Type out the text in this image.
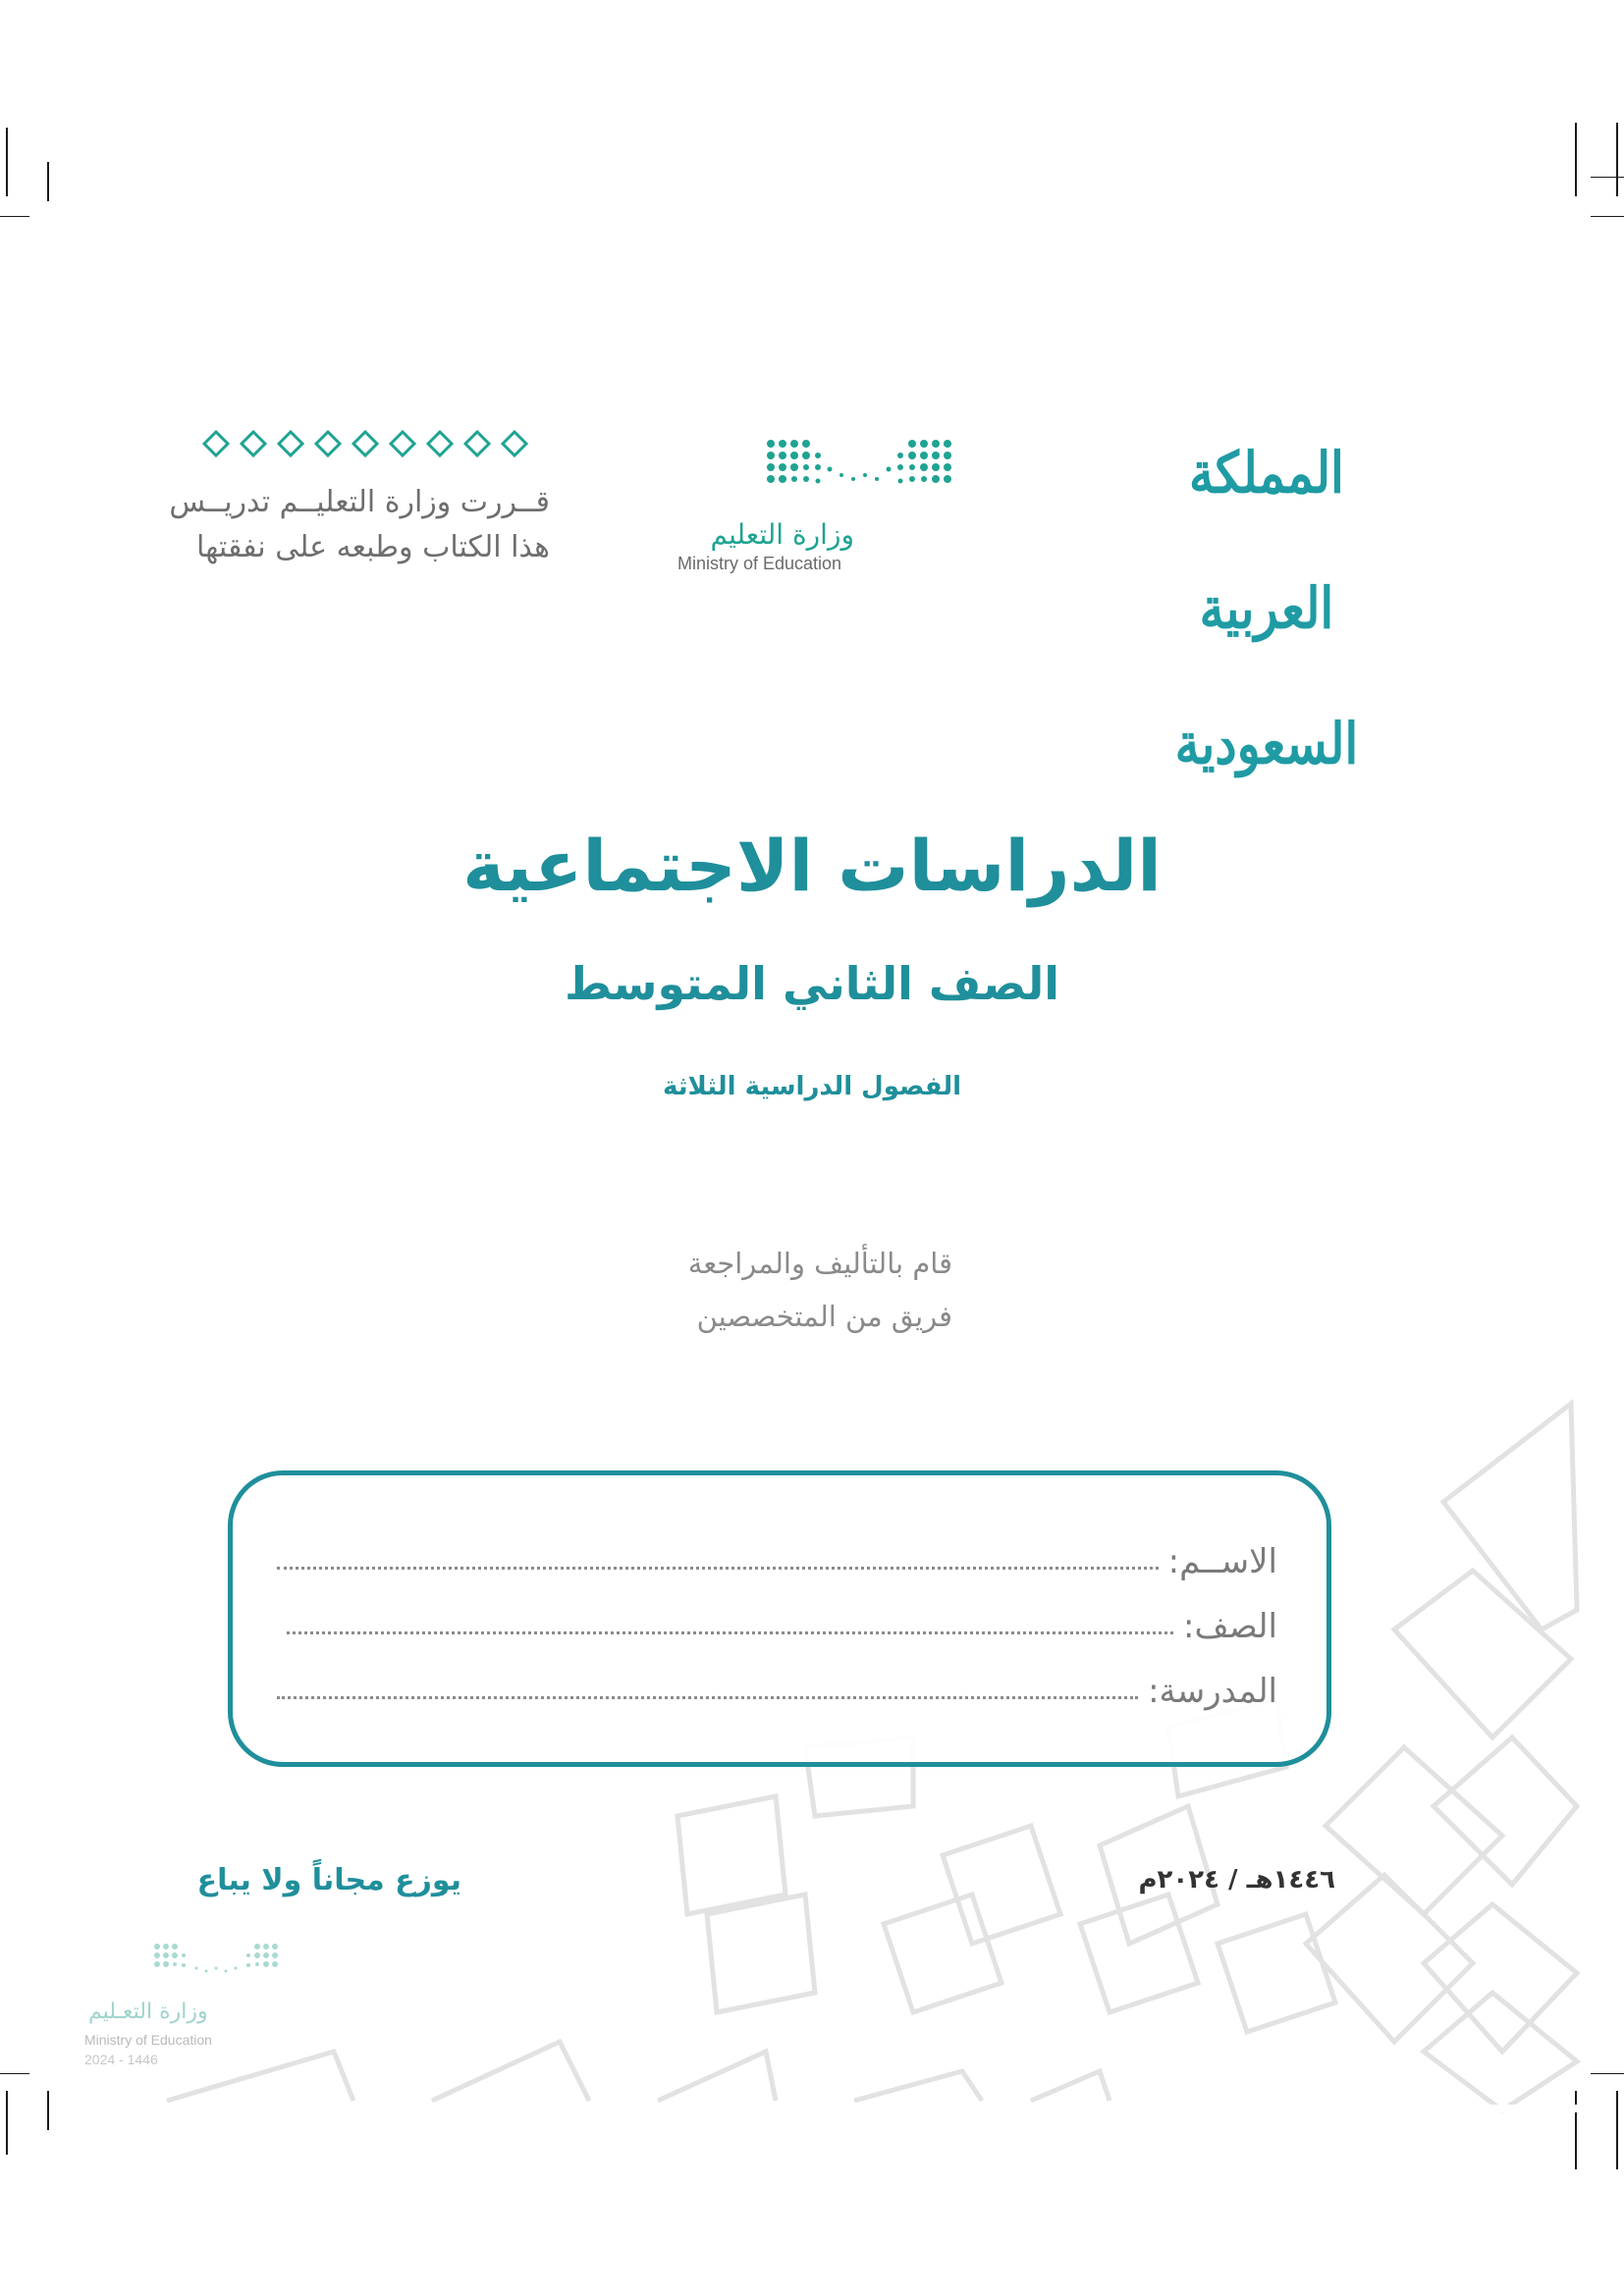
المملكة العربية السعودية
وزارة التعليم
Ministry of Education
قــررت وزارة التعليــم تدريــس
هذا الكتاب وطبعه على نفقتها
الدراسات الاجتماعية
الصف الثاني المتوسط
الفصول الدراسية الثلاثة
قام بالتأليف والمراجعة
فريق من المتخصصين
الاســم:
الصف:
المدرسة:
١٤٤٦هـ / ٢٠٢٤م
يوزع مجاناً ولا يباع
وزارة التعـليم
Ministry of Education
2024 - 1446
